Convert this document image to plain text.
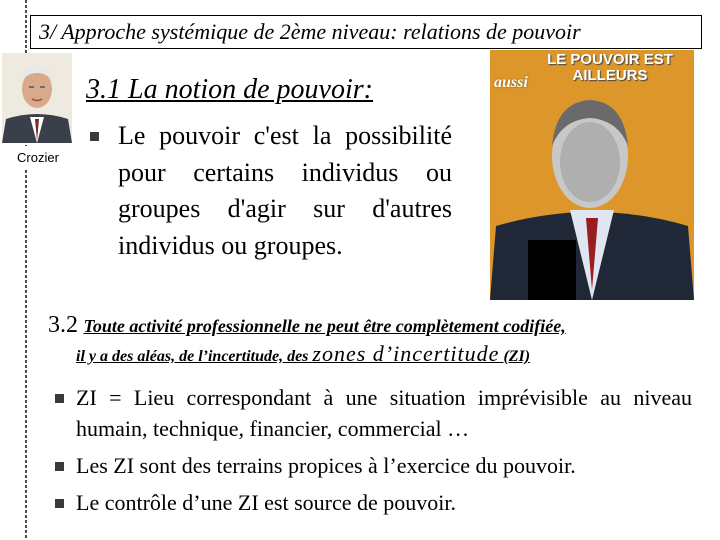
3/ Approche systémique de 2ème niveau: relations de pouvoir
Crozier
3.1 La notion de pouvoir:
LE POUVOIR EST AILLEURS
aussi
Le pouvoir c'est la possibilité pour certains individus ou groupes d'agir sur d'autres individus ou groupes.
3.2 Toute activité professionnelle ne peut être complètement codifiée,
il y a des aléas, de l’incertitude, des zones d’incertitude (ZI)
ZI = Lieu correspondant à une situation imprévisible au niveau humain, technique, financier, commercial …
Les ZI sont des terrains propices à l’exercice du pouvoir.
Le contrôle d’une ZI est source de pouvoir.
